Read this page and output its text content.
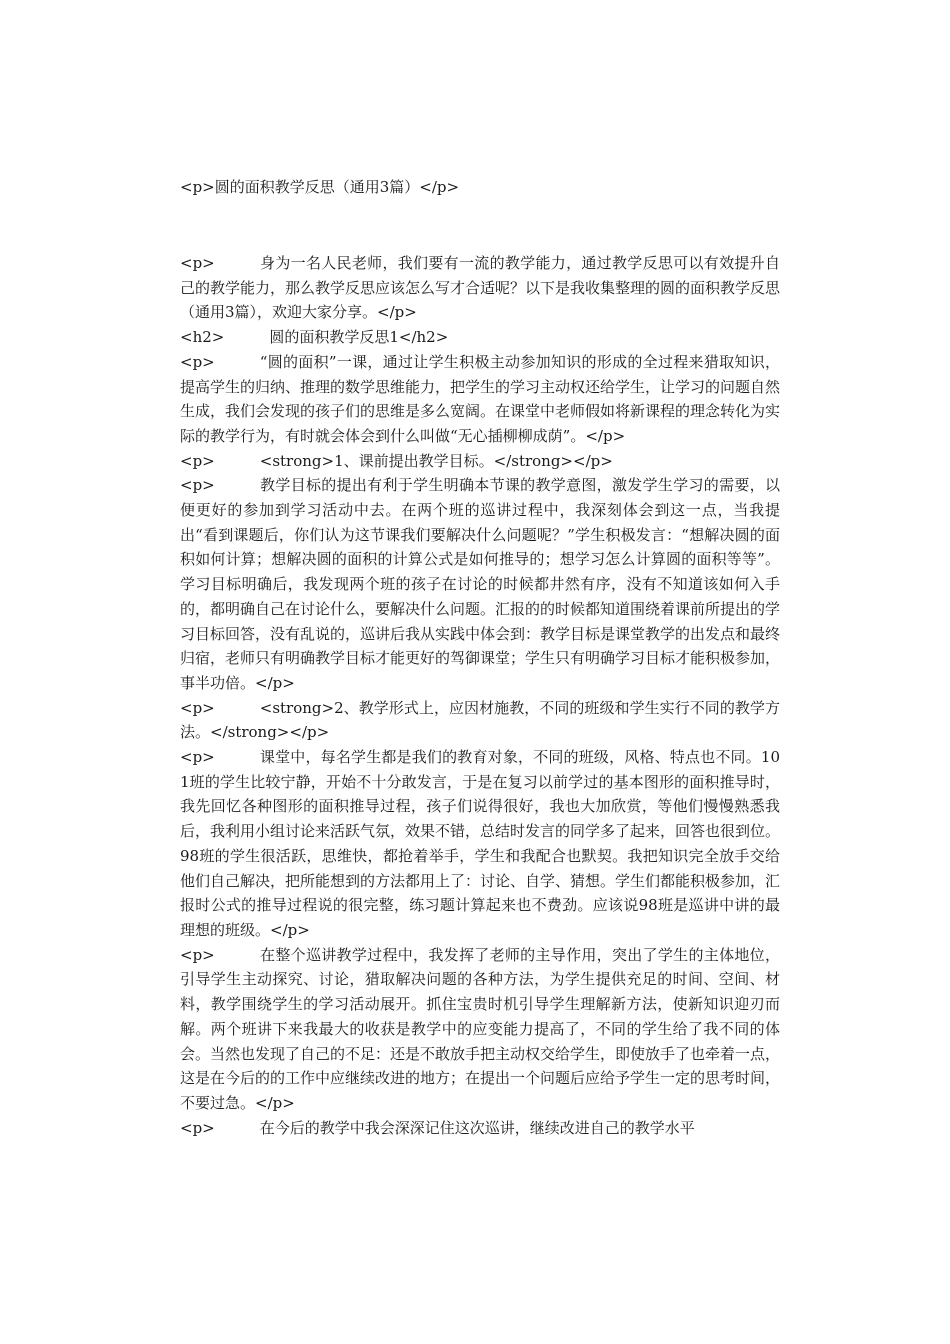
<p>圆的面积教学反思（通用3篇）</p>

<p>	身为一名人民老师，我们要有一流的教学能力，通过教学反思可以有效提升自己的教学能力，那么教学反思应该怎么写才合适呢？以下是我收集整理的圆的面积教学反思（通用3篇），欢迎大家分享。</p>

<h2>	圆的面积教学反思1</h2>

<p>	“圆的面积”一课，通过让学生积极主动参加知识的形成的全过程来猎取知识，提高学生的归纳、推理的数学思维能力，把学生的学习主动权还给学生，让学习的问题自然生成，我们会发现的孩子们的思维是多么宽阔。在课堂中老师假如将新课程的理念转化为实际的教学行为，有时就会体会到什么叫做“无心插柳柳成荫”。</p>

<p>	<strong>1、课前提出教学目标。</strong></p>

<p>	教学目标的提出有利于学生明确本节课的教学意图，激发学生学习的需要，以便更好的参加到学习活动中去。在两个班的巡讲过程中，我深刻体会到这一点，当我提出“看到课题后，你们认为这节课我们要解决什么问题呢？”学生积极发言：“想解决圆的面积如何计算；想解决圆的面积的计算公式是如何推导的；想学习怎么计算圆的面积等等”。学习目标明确后，我发现两个班的孩子在讨论的时候都井然有序，没有不知道该如何入手的，都明确自己在讨论什么，要解决什么问题。汇报的的时候都知道围绕着课前所提出的学习目标回答，没有乱说的，巡讲后我从实践中体会到：教学目标是课堂教学的出发点和最终归宿，老师只有明确教学目标才能更好的驾御课堂；学生只有明确学习目标才能积极参加，事半功倍。</p>

<p>	<strong>2、教学形式上，应因材施教，不同的班级和学生实行不同的教学方法。</strong></p>

<p>	课堂中，每名学生都是我们的教育对象，不同的班级，风格、特点也不同。101班的学生比较宁静，开始不十分敢发言，于是在复习以前学过的基本图形的面积推导时，我先回忆各种图形的面积推导过程，孩子们说得很好，我也大加欣赏，等他们慢慢熟悉我后，我利用小组讨论来活跃气氛，效果不错，总结时发言的同学多了起来，回答也很到位。98班的学生很活跃，思维快，都抢着举手，学生和我配合也默契。我把知识完全放手交给他们自己解决，把所能想到的方法都用上了：讨论、自学、猜想。学生们都能积极参加，汇报时公式的推导过程说的很完整，练习题计算起来也不费劲。应该说98班是巡讲中讲的最理想的班级。</p>

<p>	在整个巡讲教学过程中，我发挥了老师的主导作用，突出了学生的主体地位，引导学生主动探究、讨论，猎取解决问题的各种方法，为学生提供充足的时间、空间、材料，教学围绕学生的学习活动展开。抓住宝贵时机引导学生理解新方法，使新知识迎刃而解。两个班讲下来我最大的收获是教学中的应变能力提高了，不同的学生给了我不同的体会。当然也发现了自己的不足：还是不敢放手把主动权交给学生，即使放手了也牵着一点，这是在今后的的工作中应继续改进的地方；在提出一个问题后应给予学生一定的思考时间，不要过急。</p>

<p>	在今后的教学中我会深深记住这次巡讲，继续改进自己的教学水平
